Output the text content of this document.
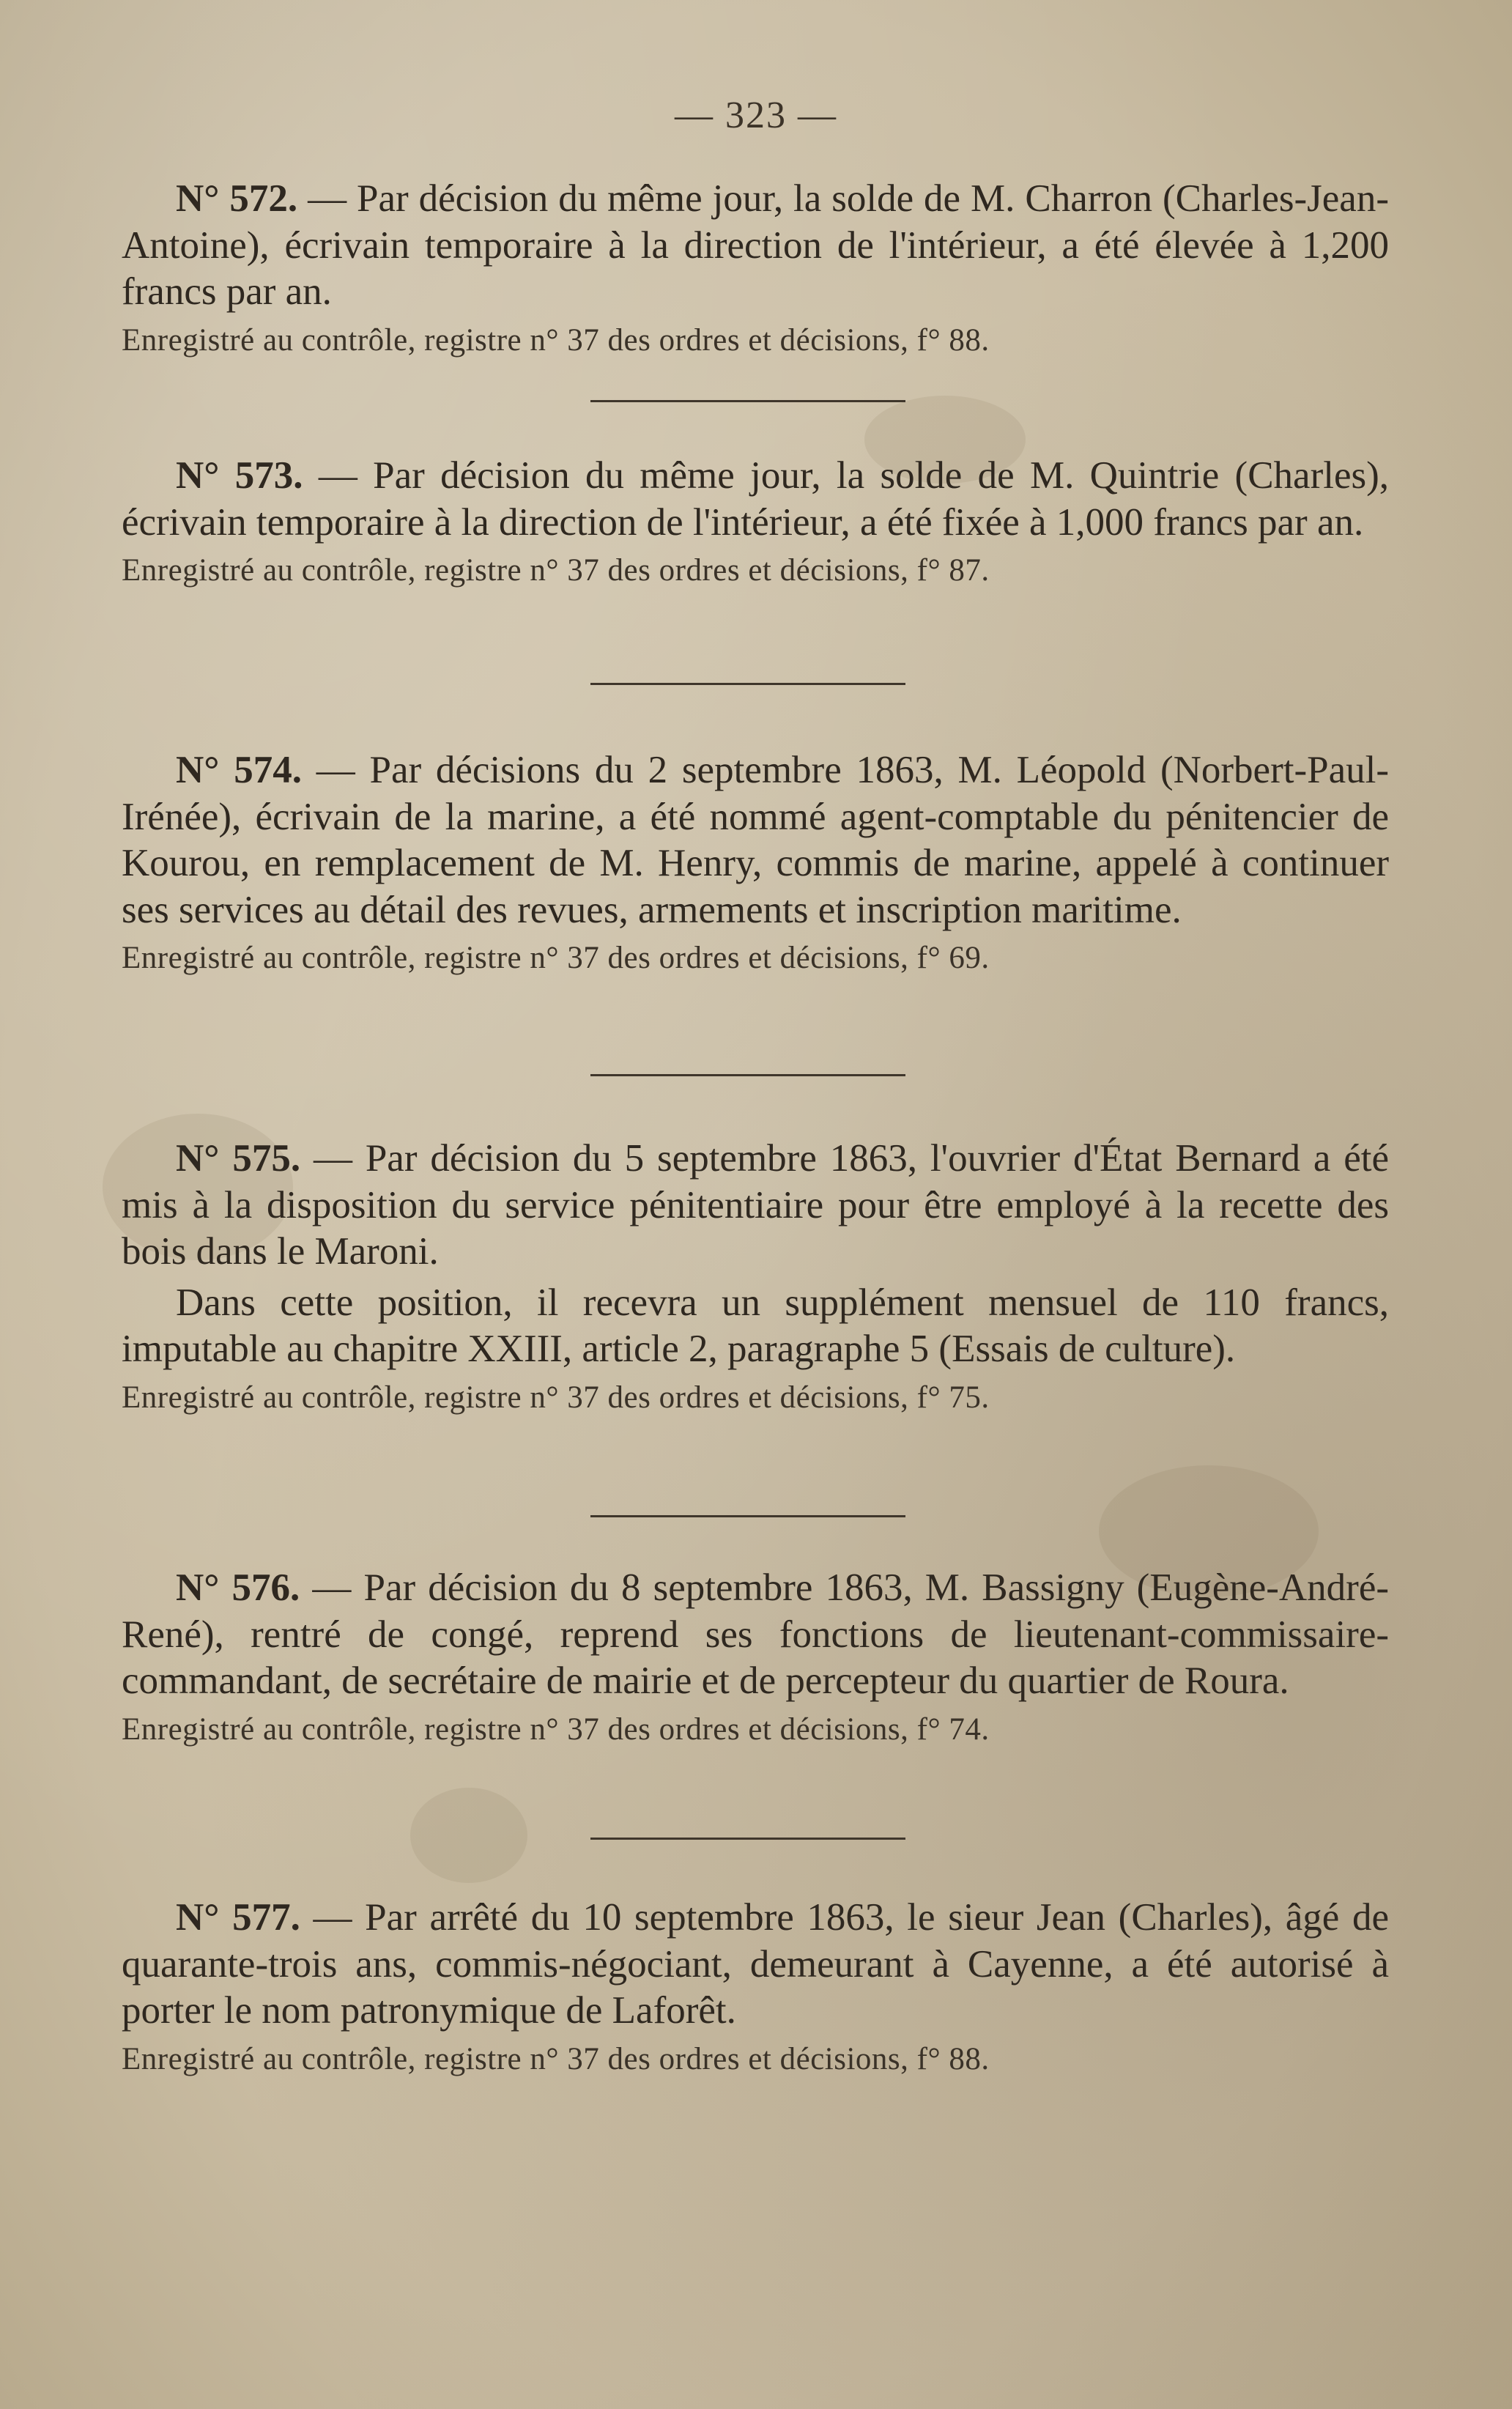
— 323 —

N° 572. — Par décision du même jour, la solde de M. Charron (Charles-Jean-Antoine), écrivain temporaire à la direction de l'intérieur, a été élevée à 1,200 francs par an.

Enregistré au contrôle, registre n° 37 des ordres et décisions, f° 88.

N° 573. — Par décision du même jour, la solde de M. Quintrie (Charles), écrivain temporaire à la direction de l'intérieur, a été fixée à 1,000 francs par an.

Enregistré au contrôle, registre n° 37 des ordres et décisions, f° 87.

N° 574. — Par décisions du 2 septembre 1863, M. Léopold (Norbert-Paul-Irénée), écrivain de la marine, a été nommé agent-comptable du pénitencier de Kourou, en remplacement de M. Henry, commis de marine, appelé à continuer ses services au détail des revues, armements et inscription maritime.

Enregistré au contrôle, registre n° 37 des ordres et décisions, f° 69.

N° 575. — Par décision du 5 septembre 1863, l'ouvrier d'État Bernard a été mis à la disposition du service pénitentiaire pour être employé à la recette des bois dans le Maroni.

Dans cette position, il recevra un supplément mensuel de 110 francs, imputable au chapitre XXIII, article 2, paragraphe 5 (Essais de culture).

Enregistré au contrôle, registre n° 37 des ordres et décisions, f° 75.

N° 576. — Par décision du 8 septembre 1863, M. Bassigny (Eugène-André-René), rentré de congé, reprend ses fonctions de lieutenant-commissaire-commandant, de secrétaire de mairie et de percepteur du quartier de Roura.

Enregistré au contrôle, registre n° 37 des ordres et décisions, f° 74.

N° 577. — Par arrêté du 10 septembre 1863, le sieur Jean (Charles), âgé de quarante-trois ans, commis-négociant, demeurant à Cayenne, a été autorisé à porter le nom patronymique de Laforêt.

Enregistré au contrôle, registre n° 37 des ordres et décisions, f° 88.
